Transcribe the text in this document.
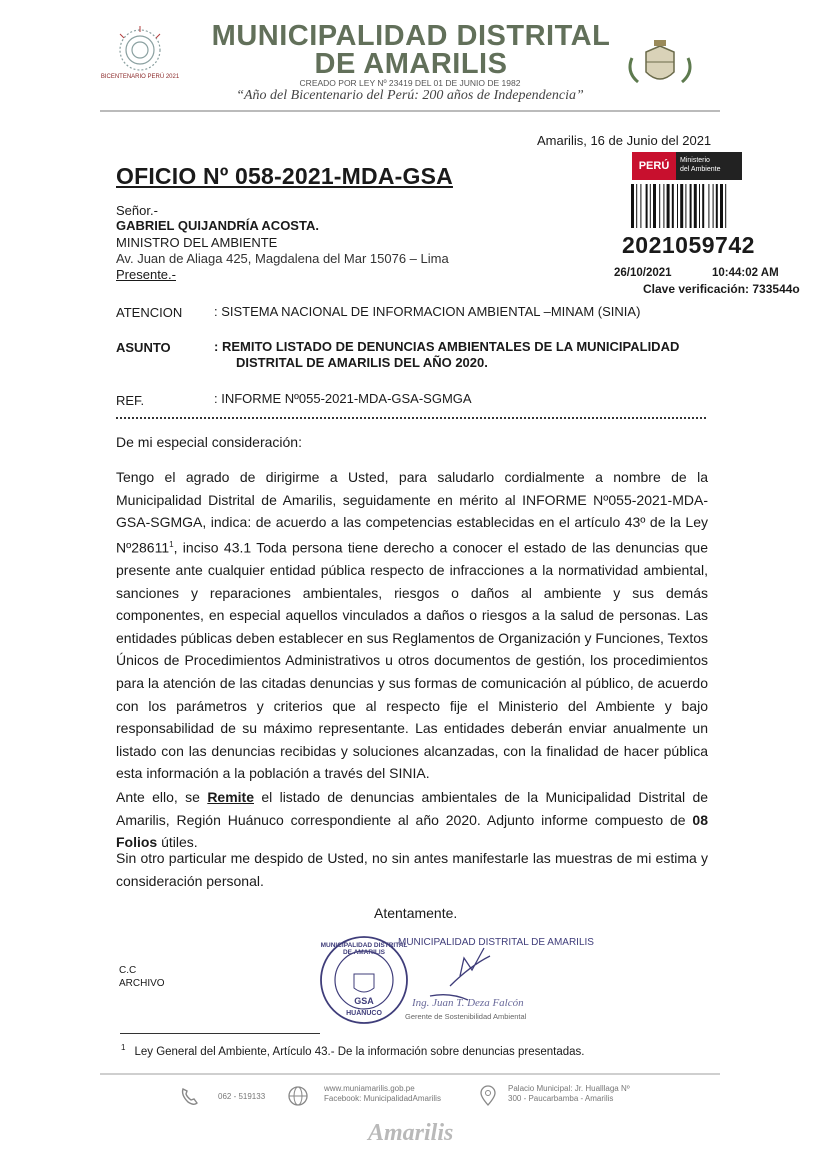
BICENTENARIO PERÚ 2021
MUNICIPALIDAD DISTRITAL
DE AMARILIS
CREADO POR LEY Nº 23419 DEL 01 DE JUNIO DE 1982
“Año del Bicentenario del Perú: 200 años de Independencia”
Amarilis, 16 de Junio del 2021
OFICIO Nº 058-2021-MDA-GSA	PERÚ	Ministerio
del Ambiente
2021059742
26/10/2021	10:44:02 AM
Clave verificación: 733544o
Señor.-
GABRIEL QUIJANDRÍA ACOSTA.
MINISTRO DEL AMBIENTE
Av. Juan de Aliaga 425, Magdalena del Mar 15076 – Lima
Presente.-
ATENCION : SISTEMA NACIONAL DE INFORMACION AMBIENTAL –MINAM (SINIA)
ASUNTO	: REMITO LISTADO DE DENUNCIAS AMBIENTALES DE LA MUNICIPALIDAD
DISTRITAL DE AMARILIS DEL AÑO 2020.
REF.	: INFORME Nº055-2021-MDA-GSA-SGMGA
De mi especial consideración:

Tengo el agrado de dirigirme a Usted, para saludarlo cordialmente a nombre de la Municipalidad Distrital de Amarilis, seguidamente en mérito al INFORME Nº055-2021-MDA-GSA-SGMGA, indica: de acuerdo a las competencias establecidas en el artículo 43º de la Ley Nº28611$^1$, inciso 43.1 Toda persona tiene derecho a conocer el estado de las denuncias que presente ante cualquier entidad pública respecto de infracciones a la normatividad ambiental, sanciones y reparaciones ambientales, riesgos o daños al ambiente y sus demás componentes, en especial aquellos vinculados a daños o riesgos a la salud de personas. Las entidades públicas deben establecer en sus Reglamentos de Organización y Funciones, Textos Únicos de Procedimientos Administrativos u otros documentos de gestión, los procedimientos para la atención de las citadas denuncias y sus formas de comunicación al público, de acuerdo con los parámetros y criterios que al respecto fije el Ministerio del Ambiente y bajo responsabilidad de su máximo representante. Las entidades deberán enviar anualmente un listado con las denuncias recibidas y soluciones alcanzadas, con la finalidad de hacer pública esta información a la población a través del SINIA.

Ante ello, se Remite el listado de denuncias ambientales de la Municipalidad Distrital de Amarilis, Región Huánuco correspondiente al año 2020. Adjunto informe compuesto de 08 Folios útiles.

Sin otro particular me despido de Usted, no sin antes manifestarle las muestras de mi estima y consideración personal.
Atentamente.
MUNICIPALIDAD DISTRITAL DE AMARILIS
GSA
HUÁNUCO
MUNICIPALIDAD DISTRITAL DE AMARILIS
Ing. Juan T. Deza Falcón
Gerente de Sostenibilidad Ambiental
C.C
ARCHIVO
$^1$ Ley General del Ambiente, Artículo 43.- De la información sobre denuncias presentadas.
062 - 519133
www.muniamarilis.gob.pe
Facebook: MunicipalidadAmarilis
Palacio Municipal: Jr. Hualllaga Nº
300 - Paucarbamba - Amarilis
Amarilis
